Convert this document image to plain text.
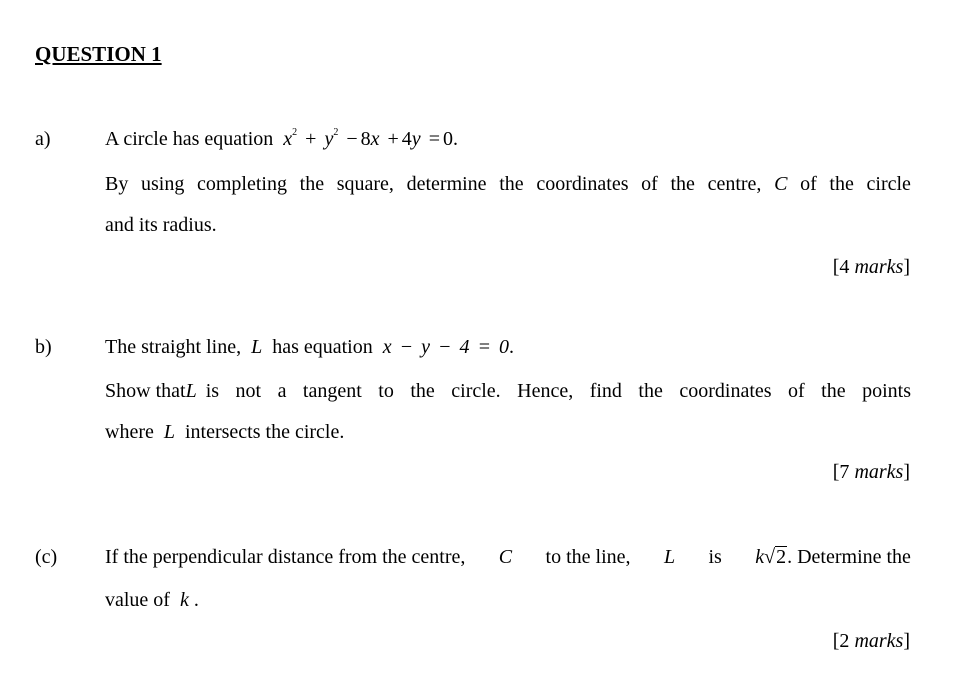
QUESTION 1
a)	A circle has equation $x^2 + y^2 - 8x + 4y = 0$.
By using completing the square, determine the coordinates of the centre, C of the circle
and its radius.
[4 marks]
b)	The straight line, L has equation x − y − 4 = 0.
Show that L is not a tangent to the circle. Hence, find the coordinates of the points
where L intersects the circle.
[7 marks]
(c) If the perpendicular distance from the centre, C to the line, L is k√2. Determine the
value of k .
[2 marks]
